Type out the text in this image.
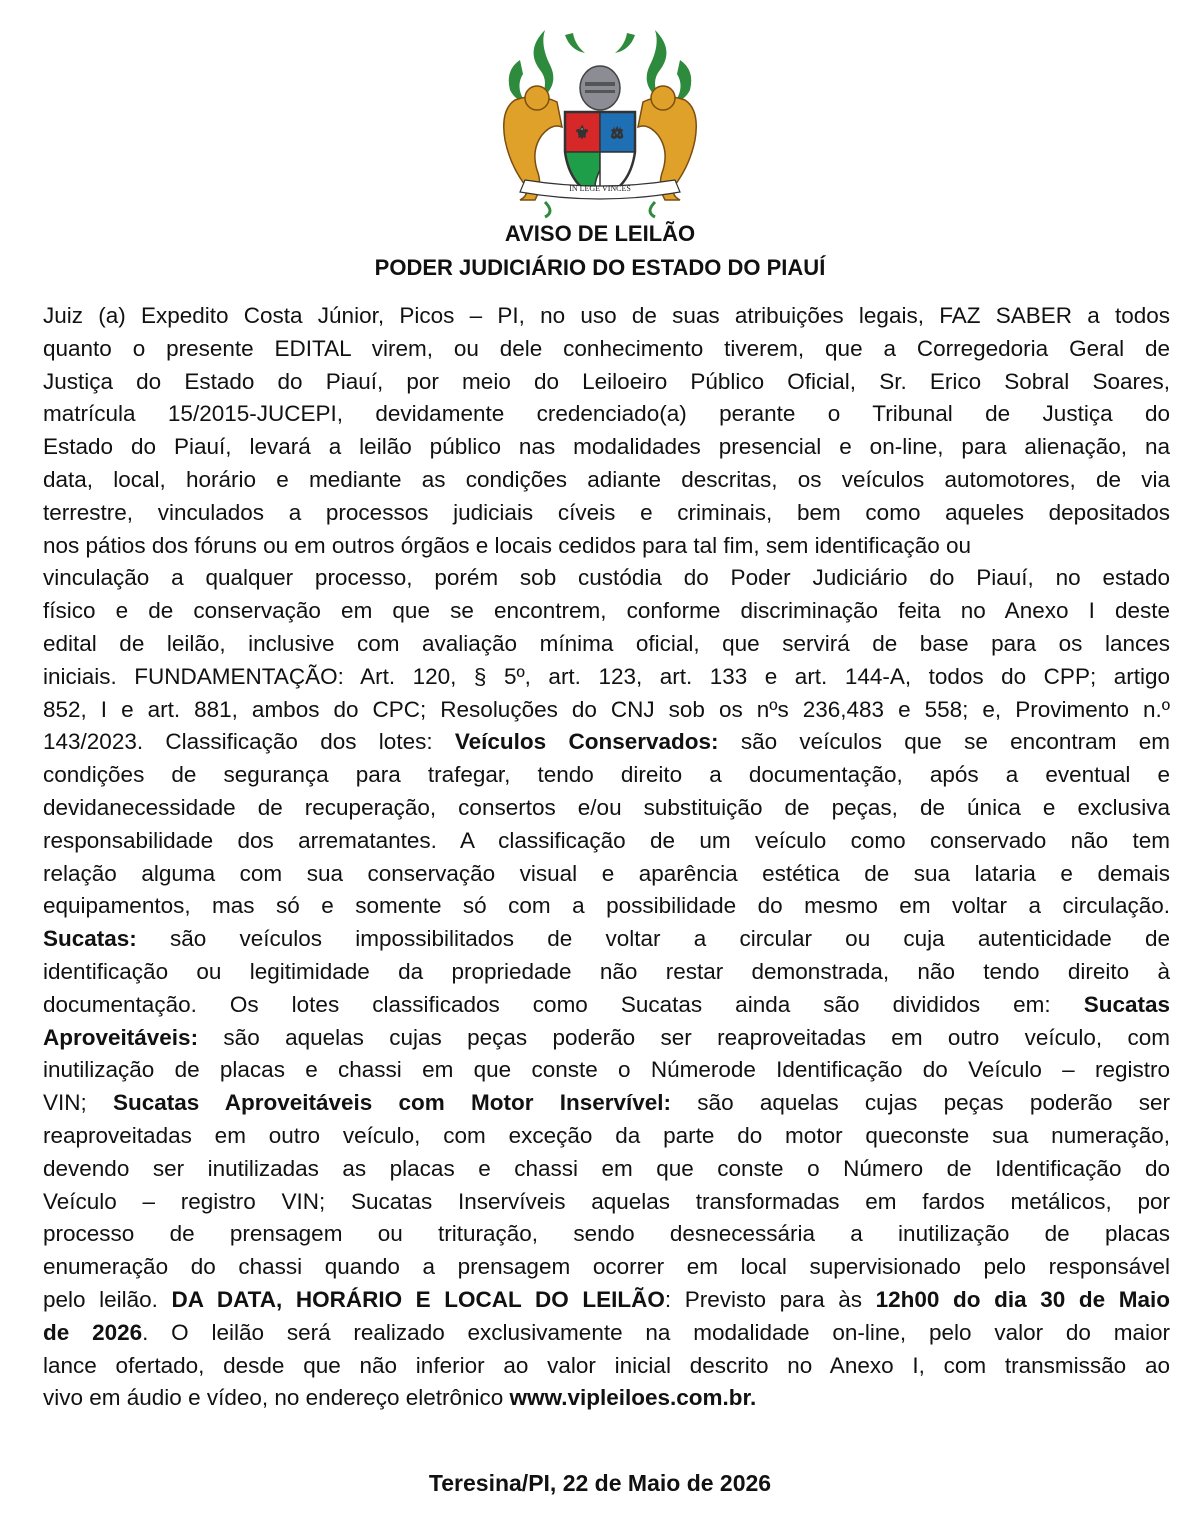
⚜ ⚖
IN LEGE VINCES
AVISO DE LEILÃO
PODER JUDICIÁRIO DO ESTADO DO PIAUÍ
Juiz (a) Expedito Costa Júnior, Picos – PI, no uso de suas atribuições legais, FAZ SABER a todos
quanto o presente EDITAL virem, ou dele conhecimento tiverem, que a Corregedoria Geral de
Justiça do Estado do Piauí, por meio do Leiloeiro Público Oficial, Sr. Erico Sobral Soares,
matrícula 15/2015-JUCEPI, devidamente credenciado(a) perante o Tribunal de Justiça do
Estado do Piauí, levará a leilão público nas modalidades presencial e on-line, para alienação, na
data, local, horário e mediante as condições adiante descritas, os veículos automotores, de via
terrestre, vinculados a processos judiciais cíveis e criminais, bem como aqueles depositados
nos pátios dos fóruns ou em outros órgãos e locais cedidos para tal fim, sem identificação ou
vinculação a qualquer processo, porém sob custódia do Poder Judiciário do Piauí, no estado
físico e de conservação em que se encontrem, conforme discriminação feita no Anexo I deste
edital de leilão, inclusive com avaliação mínima oficial, que servirá de base para os lances
iniciais. FUNDAMENTAÇÃO: Art. 120, § 5º, art. 123, art. 133 e art. 144-A, todos do CPP; artigo
852, I e art. 881, ambos do CPC; Resoluções do CNJ sob os nºs 236,483 e 558; e, Provimento n.º
143/2023. Classificação dos lotes: Veículos Conservados: são veículos que se encontram em
condições de segurança para trafegar, tendo direito a documentação, após a eventual e
devidanecessidade de recuperação, consertos e/ou substituição de peças, de única e exclusiva
responsabilidade dos arrematantes. A classificação de um veículo como conservado não tem
relação alguma com sua conservação visual e aparência estética de sua lataria e demais
equipamentos, mas só e somente só com a possibilidade do mesmo em voltar a circulação.
Sucatas: são veículos impossibilitados de voltar a circular ou cuja autenticidade de
identificação ou legitimidade da propriedade não restar demonstrada, não tendo direito à
documentação. Os lotes classificados como Sucatas ainda são divididos em: Sucatas
Aproveitáveis: são aquelas cujas peças poderão ser reaproveitadas em outro veículo, com
inutilização de placas e chassi em que conste o Númerode Identificação do Veículo – registro
VIN; Sucatas Aproveitáveis com Motor Inservível: são aquelas cujas peças poderão ser
reaproveitadas em outro veículo, com exceção da parte do motor queconste sua numeração,
devendo ser inutilizadas as placas e chassi em que conste o Número de Identificação do
Veículo – registro VIN; Sucatas Inservíveis aquelas transformadas em fardos metálicos, por
processo de prensagem ou trituração, sendo desnecessária a inutilização de placas
enumeração do chassi quando a prensagem ocorrer em local supervisionado pelo responsável
pelo leilão. DA DATA, HORÁRIO E LOCAL DO LEILÃO: Previsto para às 12h00 do dia 30 de Maio
de 2026. O leilão será realizado exclusivamente na modalidade on-line, pelo valor do maior
lance ofertado, desde que não inferior ao valor inicial descrito no Anexo I, com transmissão ao
vivo em áudio e vídeo, no endereço eletrônico www.vipleiloes.com.br.
Teresina/PI, 22 de Maio de 2026
